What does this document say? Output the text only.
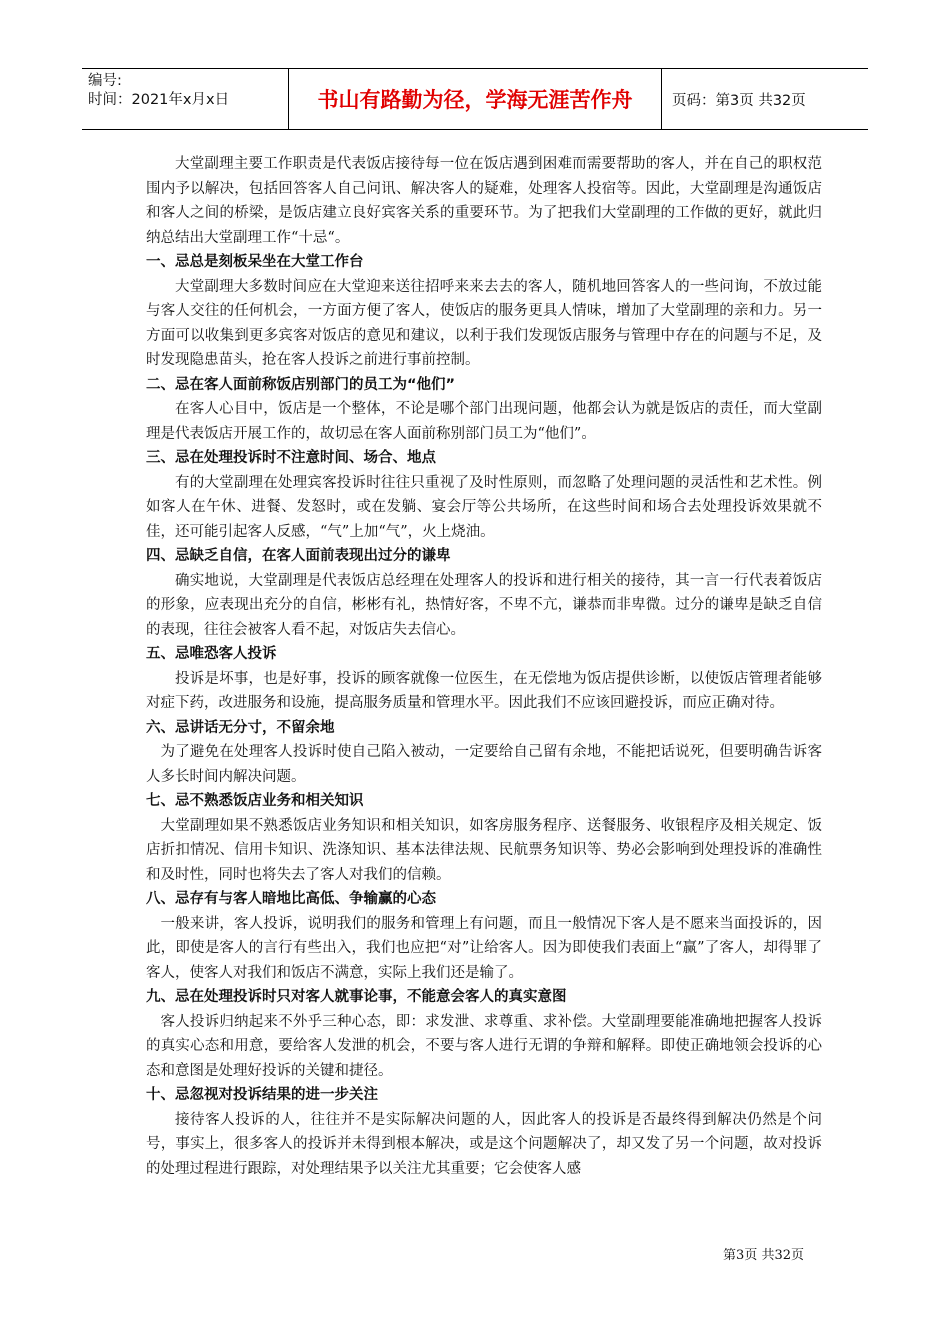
编号:
时间：2021年x月x日	书山有路勤为径，学海无涯苦作舟	页码：第3页 共32页

大堂副理主要工作职责是代表饭店接待每一位在饭店遇到困难而需要帮助的客人，并在自己的职权范围内予以解决，包括回答客人自己问讯、解决客人的疑难，处理客人投宿等。因此，大堂副理是沟通饭店和客人之间的桥梁，是饭店建立良好宾客关系的重要环节。为了把我们大堂副理的工作做的更好，就此归纳总结出大堂副理工作“十忌“。

一、忌总是刻板呆坐在大堂工作台

大堂副理大多数时间应在大堂迎来送往招呼来来去去的客人，随机地回答客人的一些问询，不放过能与客人交往的任何机会，一方面方便了客人，使饭店的服务更具人情味，增加了大堂副理的亲和力。另一方面可以收集到更多宾客对饭店的意见和建议，以利于我们发现饭店服务与管理中存在的问题与不足，及时发现隐患苗头，抢在客人投诉之前进行事前控制。

二、忌在客人面前称饭店别部门的员工为“他们”

在客人心目中，饭店是一个整体，不论是哪个部门出现问题，他都会认为就是饭店的责任，而大堂副理是代表饭店开展工作的，故切忌在客人面前称别部门员工为“他们”。

三、忌在处理投诉时不注意时间、场合、地点

有的大堂副理在处理宾客投诉时往往只重视了及时性原则，而忽略了处理问题的灵活性和艺术性。例如客人在午休、进餐、发怒时，或在发躺、宴会厅等公共场所，在这些时间和场合去处理投诉效果就不佳，还可能引起客人反感，“气”上加“气”，火上烧油。

四、忌缺乏自信，在客人面前表现出过分的谦卑

确实地说，大堂副理是代表饭店总经理在处理客人的投诉和进行相关的接待，其一言一行代表着饭店的形象，应表现出充分的自信，彬彬有礼，热情好客，不卑不亢，谦恭而非卑微。过分的谦卑是缺乏自信的表现，往往会被客人看不起，对饭店失去信心。

五、忌唯恐客人投诉

投诉是坏事，也是好事，投诉的顾客就像一位医生，在无偿地为饭店提供诊断，以使饭店管理者能够对症下药，改进服务和设施，提高服务质量和管理水平。因此我们不应该回避投诉，而应正确对待。

六、忌讲话无分寸，不留余地

为了避免在处理客人投诉时使自己陷入被动，一定要给自己留有余地，不能把话说死，但要明确告诉客人多长时间内解决问题。

七、忌不熟悉饭店业务和相关知识

大堂副理如果不熟悉饭店业务知识和相关知识，如客房服务程序、送餐服务、收银程序及相关规定、饭店折扣情况、信用卡知识、洗涤知识、基本法律法规、民航票务知识等、势必会影响到处理投诉的准确性和及时性，同时也将失去了客人对我们的信赖。

八、忌存有与客人暗地比高低、争输赢的心态

一般来讲，客人投诉，说明我们的服务和管理上有问题，而且一般情况下客人是不愿来当面投诉的，因此，即使是客人的言行有些出入，我们也应把“对”让给客人。因为即使我们表面上“赢”了客人，却得罪了客人，使客人对我们和饭店不满意，实际上我们还是输了。

九、忌在处理投诉时只对客人就事论事，不能意会客人的真实意图

客人投诉归纳起来不外乎三种心态，即：求发泄、求尊重、求补偿。大堂副理要能准确地把握客人投诉的真实心态和用意，要给客人发泄的机会，不要与客人进行无谓的争辩和解释。即使正确地领会投诉的心态和意图是处理好投诉的关键和捷径。

十、忌忽视对投诉结果的进一步关注

接待客人投诉的人，往往并不是实际解决问题的人，因此客人的投诉是否最终得到解决仍然是个问号，事实上，很多客人的投诉并未得到根本解决，或是这个问题解决了，却又发了另一个问题，故对投诉的处理过程进行跟踪，对处理结果予以关注尤其重要；它会使客人感

第3页 共32页
